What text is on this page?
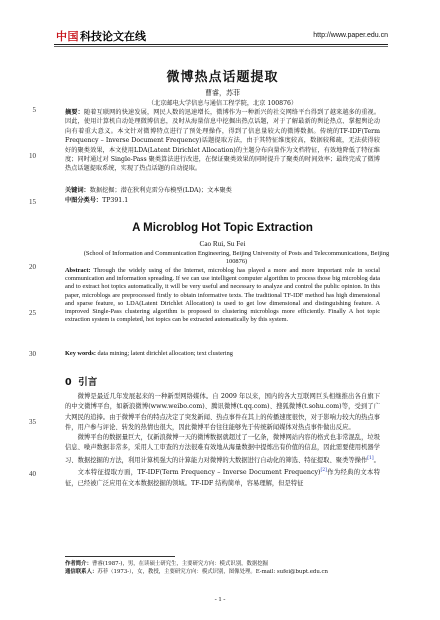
中国 科技论文在线	http://www.paper.edu.cn
5
10
15
20
25
30
35
40
微博热点话题提取
曹睿，苏菲
（北京邮电大学信息与通信工程学院，北京 100876）
摘要：随着互联网的快速发展，网民人数的迅速增长，微博作为一种新兴的社交网络平台得到了越来越多的重视。因此，使用计算机自动处理微博信息，及时从海量信息中挖掘出热点话题，对于了解最新的舆论热点、掌握舆论动向有着重大意义。本文针对微博特点进行了预处理操作，得到了信息量较大的微博数据。传统的TF-IDF(Term Frequency – Inverse Document Frequency)话题提取方法，由于其特征维度较高，数据较稀疏，无法获得较好的聚类效果，本文使用LDA(Latent Dirichlet Allocation)的主题分布向量作为文档特征，有效地降低了特征维度；同时通过对 Single-Pass 聚类算法进行改进，在保证聚类效果的同时提升了聚类的时间效率；最终完成了微博热点话题提取系统，实现了热点话题的自动提取。
关键词：数据挖掘；潜在狄利克雷分布模型(LDA)；文本聚类
中图分类号：TP391.1
A Microblog Hot Topic Extraction
Cao Rui, Su Fei
(School of Information and Communication Engineering, Beijing University of Posts and Telecommunications, Beijing 100876)
Abstract: Through the widely using of the Internet, microblog has played a more and more important role in social communication and information spreading. If we can use intelligent computer algorithm to process those big microblog data and to extract hot topics automatically, it will be very useful and necessary to analyze and control the public opinion. In this paper, microblogs are preprocessed firstly to obtain informative texts. The traditional TF-IDF method has high dimensional and sparse feature, so LDA(Latent Dirichlet Allocation) is used to get low dimensional and distinguishing feature. A improved Single-Pass clustering algorithm is proposed to clustering microblogs more efficiently. Finally A hot topic extraction system is completed, hot topics can be extracted automatically by this system.
Key words: data mining; latent dirichlet allocation; text clustering
0 引言

微博是最近几年发展起来的一种新型网络媒体。自 2009 年以来，国内的各大互联网巨头相继推出各自旗下的中文微博平台，如新浪微博(www.weibo.com)、腾讯微博(t.qq.com)、搜狐微博(t.sohu.com)等，受到了广大网民的追捧。由于微博平台的特点决定了突发新闻、热点事件在其上的传播速度很快，对于影响力较大的热点事件，用户参与评论、转发的热情也很大，因此微博平台往往能够先于传统新闻媒体对热点事件做出反应。

微博平台的数据量巨大，仅新浪微博一天的微博数据就超过了一亿条，微博网站内容的格式也非常混乱，垃圾信息、噪声数据非常多，采用人工审查的方法很难有效地从海量数据中提炼出有价值的信息，因此需要使用机器学习、数据挖掘的方法，利用计算机强大的计算能力对微博的大数据进行自动化的筛选、特征提取、聚类等操作[1]。

文本特征提取方面，TF-IDF(Term Frequency – Inverse Document Frequency)[2]作为经典的文本特征，已经被广泛应用在文本数据挖掘的领域。TF-IDF 结构简单，容易理解，但是特征

作者简介：曹睿(1987-)，男，在读硕士研究生，主要研究方向：模式识别，数据挖掘
通信联系人：苏菲（1973-），女，教授，主要研究方向：模式识别，图像处理。E-mail: sufei@bupt.edu.cn
- 1 -
